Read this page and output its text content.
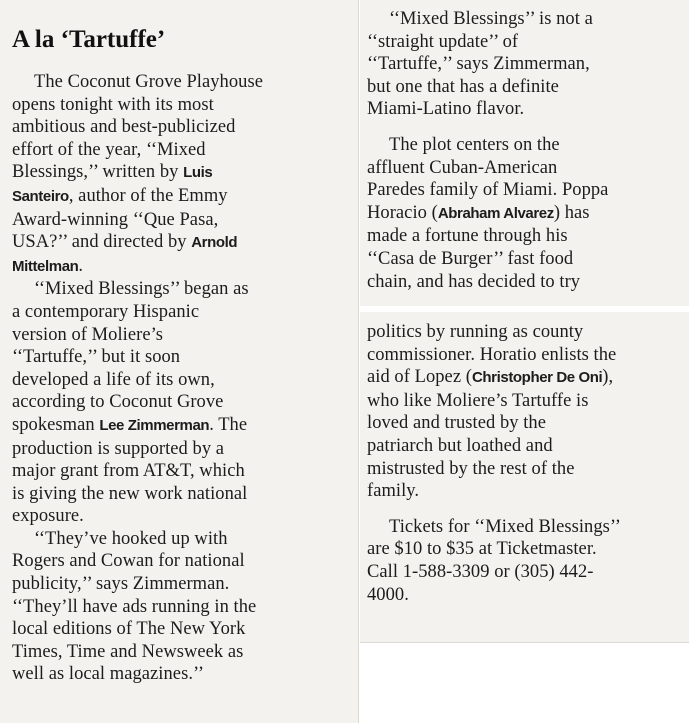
A la ‘Tartuffe’

The Coconut Grove Playhouse
opens tonight with its most
ambitious and best-publicized
effort of the year, ‘‘Mixed
Blessings,’’ written by Luis
Santeiro, author of the Emmy
Award-winning ‘‘Que Pasa,
USA?’’ and directed by Arnold
Mittelman.

‘‘Mixed Blessings’’ began as
a contemporary Hispanic
version of Moliere’s
‘‘Tartuffe,’’ but it soon
developed a life of its own,
according to Coconut Grove
spokesman Lee Zimmerman. The
production is supported by a
major grant from AT&T, which
is giving the new work national
exposure.

‘‘They’ve hooked up with
Rogers and Cowan for national
publicity,’’ says Zimmerman.
‘‘They’ll have ads running in the
local editions of The New York
Times, Time and Newsweek as
well as local magazines.’’

‘‘Mixed Blessings’’ is not a
‘‘straight update’’ of
‘‘Tartuffe,’’ says Zimmerman,
but one that has a definite
Miami-Latino flavor.

The plot centers on the
affluent Cuban-American
Paredes family of Miami. Poppa
Horacio (Abraham Alvarez) has
made a fortune through his
‘‘Casa de Burger’’ fast food
chain, and has decided to try

politics by running as county
commissioner. Horatio enlists the
aid of Lopez (Christopher De Oni),
who like Moliere’s Tartuffe is
loved and trusted by the
patriarch but loathed and
mistrusted by the rest of the
family.

Tickets for ‘‘Mixed Blessings’’
are $10 to $35 at Ticketmaster.
Call 1-588-3309 or (305) 442-
4000.
